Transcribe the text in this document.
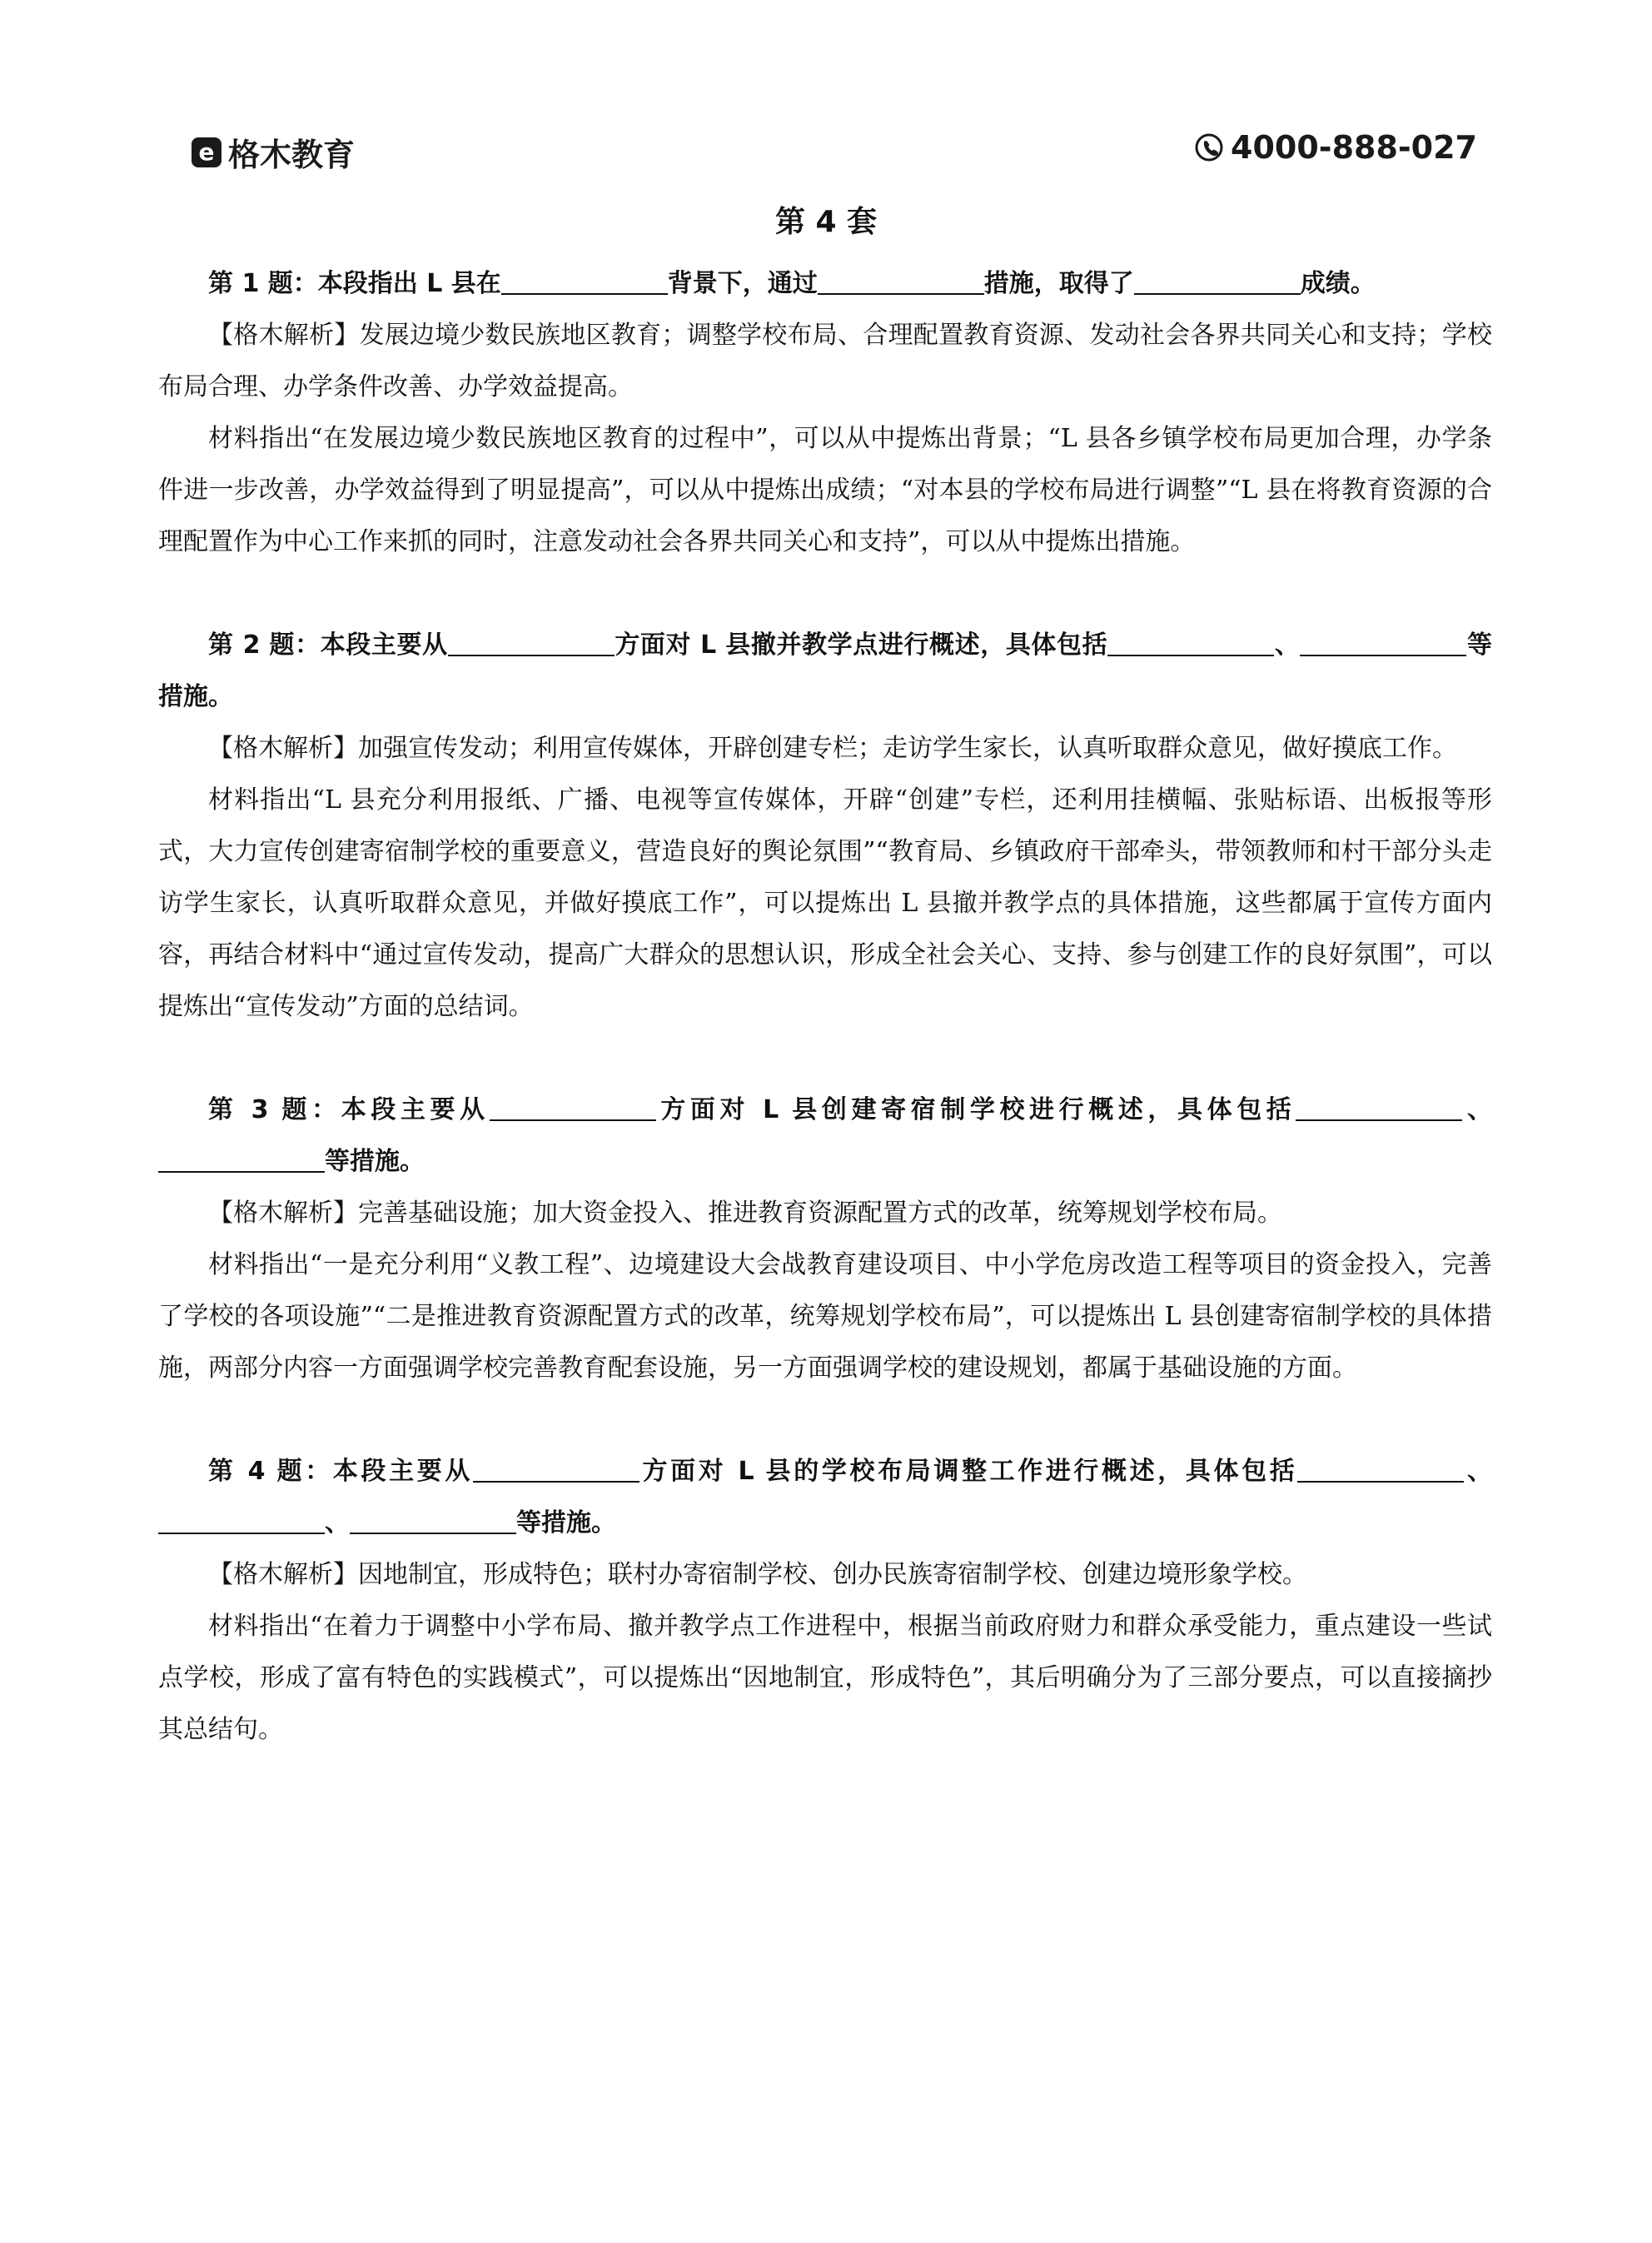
e 格木教育	4000-888-027
第 4 套

第 1 题：本段指出 L 县在	背景下，通过	措施，取得了	成绩。

【格木解析】发展边境少数民族地区教育；调整学校布局、合理配置教育资源、发动社会各界共同关心和支持；学校布局合理、办学条件改善、办学效益提高。

材料指出“在发展边境少数民族地区教育的过程中”，可以从中提炼出背景；“L 县各乡镇学校布局更加合理，办学条件进一步改善，办学效益得到了明显提高”，可以从中提炼出成绩；“对本县的学校布局进行调整”“L 县在将教育资源的合理配置作为中心工作来抓的同时，注意发动社会各界共同关心和支持”，可以从中提炼出措施。

第 2 题：本段主要从	方面对 L 县撤并教学点进行概述，具体包括	、	等措施。

【格木解析】加强宣传发动；利用宣传媒体，开辟创建专栏；走访学生家长，认真听取群众意见，做好摸底工作。

材料指出“L 县充分利用报纸、广播、电视等宣传媒体，开辟“创建”专栏，还利用挂横幅、张贴标语、出板报等形式，大力宣传创建寄宿制学校的重要意义，营造良好的舆论氛围”“教育局、乡镇政府干部牵头，带领教师和村干部分头走访学生家长，认真听取群众意见，并做好摸底工作”，可以提炼出 L 县撤并教学点的具体措施，这些都属于宣传方面内容，再结合材料中“通过宣传发动，提高广大群众的思想认识，形成全社会关心、支持、参与创建工作的良好氛围”，可以提炼出“宣传发动”方面的总结词。

第 3 题：本段主要从	方面对 L 县创建寄宿制学校进行概述，具体包括	、等措施。

【格木解析】完善基础设施；加大资金投入、推进教育资源配置方式的改革，统筹规划学校布局。

材料指出“一是充分利用“义教工程”、边境建设大会战教育建设项目、中小学危房改造工程等项目的资金投入，完善了学校的各项设施”“二是推进教育资源配置方式的改革，统筹规划学校布局”，可以提炼出 L 县创建寄宿制学校的具体措施，两部分内容一方面强调学校完善教育配套设施，另一方面强调学校的建设规划，都属于基础设施的方面。

第 4 题：本段主要从	方面对 L 县的学校布局调整工作进行概述，具体包括	、、	等措施。

【格木解析】因地制宜，形成特色；联村办寄宿制学校、创办民族寄宿制学校、创建边境形象学校。

材料指出“在着力于调整中小学布局、撤并教学点工作进程中，根据当前政府财力和群众承受能力，重点建设一些试点学校，形成了富有特色的实践模式”，可以提炼出“因地制宜，形成特色”，其后明确分为了三部分要点，可以直接摘抄其总结句。
